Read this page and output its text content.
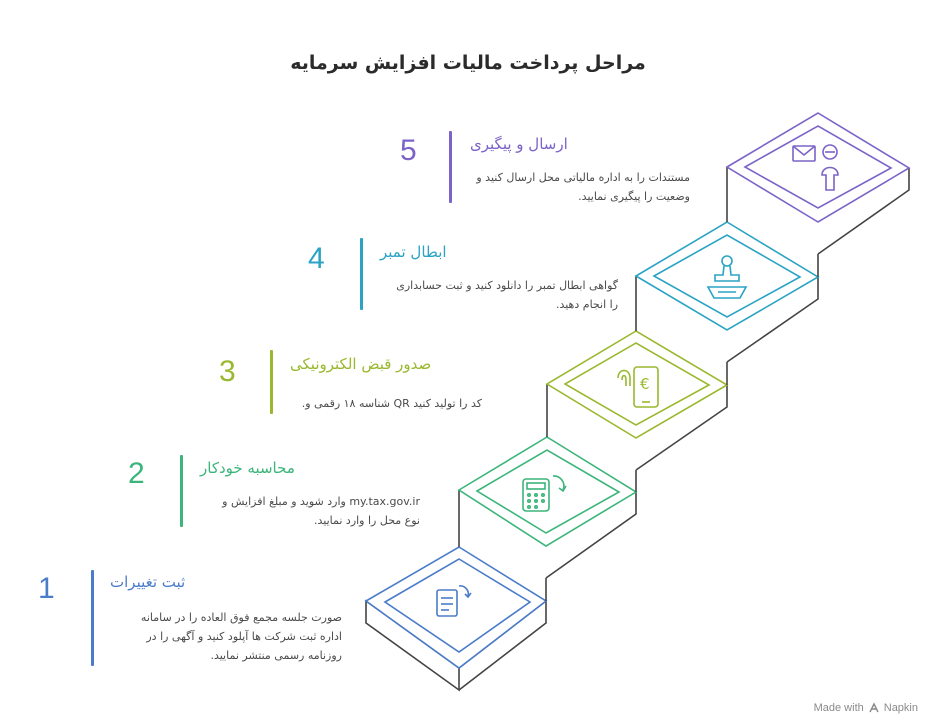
مراحل پرداخت مالیات افزایش سرمایه
€
5	ارسال و پیگیری
مستندات را به اداره مالیاتی محل ارسال کنید و
وضعیت را پیگیری نمایید.
4	ابطال تمبر
گواهی ابطال تمبر را دانلود کنید و ثبت حسابداری
را انجام دهید.
3	صدور قبض الکترونیکی
کد را تولید کنید QR شناسه ۱۸ رقمی و.
2	محاسبه خودکار
my.tax.gov.ir وارد شوید و مبلغ افزایش و
نوع محل را وارد نمایید.
1	ثبت تغییرات
صورت جلسه مجمع فوق العاده را در سامانه
اداره ثبت شرکت ها آپلود کنید و آگهی را در
روزنامه رسمی منتشر نمایید.
Made with Napkin
